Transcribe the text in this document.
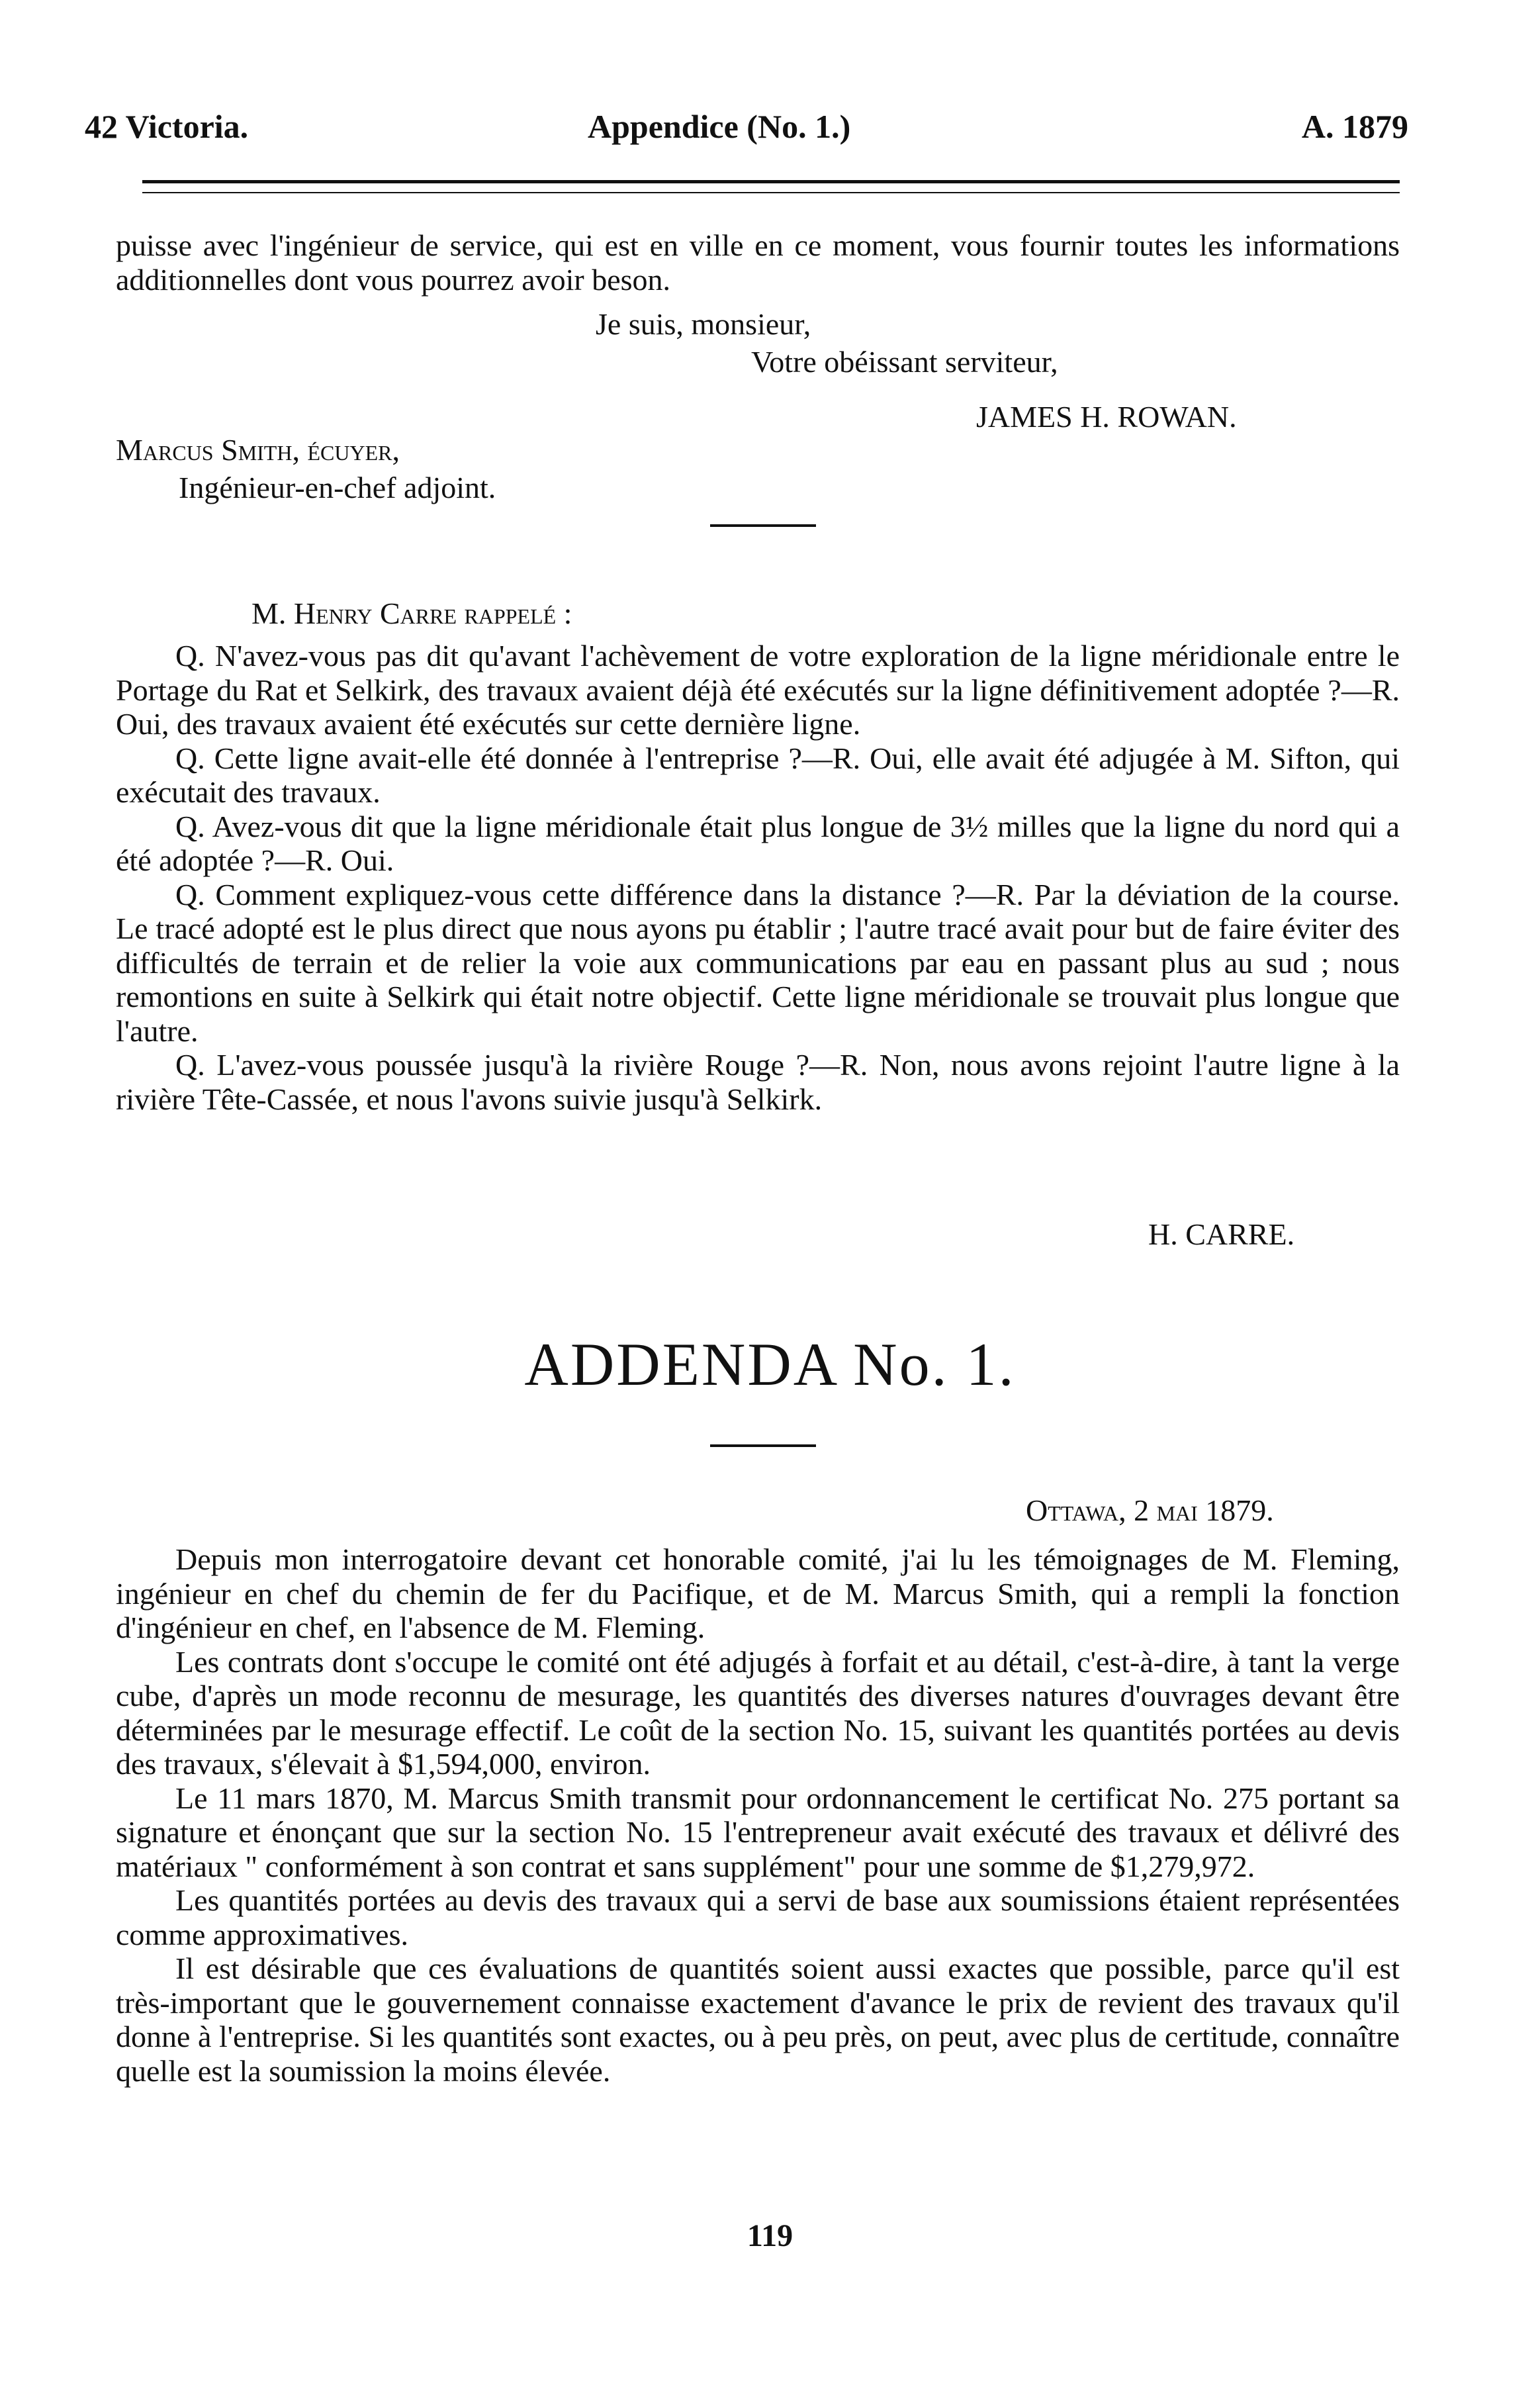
42 Victoria.	Appendice (No. 1.)	A. 1879

puisse avec l'ingénieur de service, qui est en ville en ce moment, vous fournir toutes les informations additionnelles dont vous pourrez avoir beson.

Je suis, monsieur,
Votre obéissant serviteur,
JAMES H. ROWAN.
Marcus Smith, écuyer,
Ingénieur-en-chef adjoint.
M. Henry Carre rappelé :

Q. N'avez-vous pas dit qu'avant l'achèvement de votre exploration de la ligne méridionale entre le Portage du Rat et Selkirk, des travaux avaient déjà été exécutés sur la ligne définitivement adoptée ?—R. Oui, des travaux avaient été exécutés sur cette dernière ligne.

Q. Cette ligne avait-elle été donnée à l'entreprise ?—R. Oui, elle avait été adjugée à M. Sifton, qui exécutait des travaux.

Q. Avez-vous dit que la ligne méridionale était plus longue de 3½ milles que la ligne du nord qui a été adoptée ?—R. Oui.

Q. Comment expliquez-vous cette différence dans la distance ?—R. Par la déviation de la course. Le tracé adopté est le plus direct que nous ayons pu établir ; l'autre tracé avait pour but de faire éviter des difficultés de terrain et de relier la voie aux communications par eau en passant plus au sud ; nous remontions en suite à Selkirk qui était notre objectif. Cette ligne méridionale se trouvait plus longue que l'autre.

Q. L'avez-vous poussée jusqu'à la rivière Rouge ?—R. Non, nous avons rejoint l'autre ligne à la rivière Tête-Cassée, et nous l'avons suivie jusqu'à Selkirk.

H. CARRE.
ADDENDA No. 1.
Ottawa, 2 mai 1879.

Depuis mon interrogatoire devant cet honorable comité, j'ai lu les témoignages de M. Fleming, ingénieur en chef du chemin de fer du Pacifique, et de M. Marcus Smith, qui a rempli la fonction d'ingénieur en chef, en l'absence de M. Fleming.

Les contrats dont s'occupe le comité ont été adjugés à forfait et au détail, c'est-à-dire, à tant la verge cube, d'après un mode reconnu de mesurage, les quantités des diverses natures d'ouvrages devant être déterminées par le mesurage effectif. Le coût de la section No. 15, suivant les quantités portées au devis des travaux, s'élevait à $1,594,000, environ.

Le 11 mars 1870, M. Marcus Smith transmit pour ordonnancement le certificat No. 275 portant sa signature et énonçant que sur la section No. 15 l'entrepreneur avait exécuté des travaux et délivré des matériaux " conformément à son contrat et sans supplément" pour une somme de $1,279,972.

Les quantités portées au devis des travaux qui a servi de base aux soumissions étaient représentées comme approximatives.

Il est désirable que ces évaluations de quantités soient aussi exactes que possible, parce qu'il est très-important que le gouvernement connaisse exactement d'avance le prix de revient des travaux qu'il donne à l'entreprise. Si les quantités sont exactes, ou à peu près, on peut, avec plus de certitude, connaître quelle est la soumission la moins élevée.

119
